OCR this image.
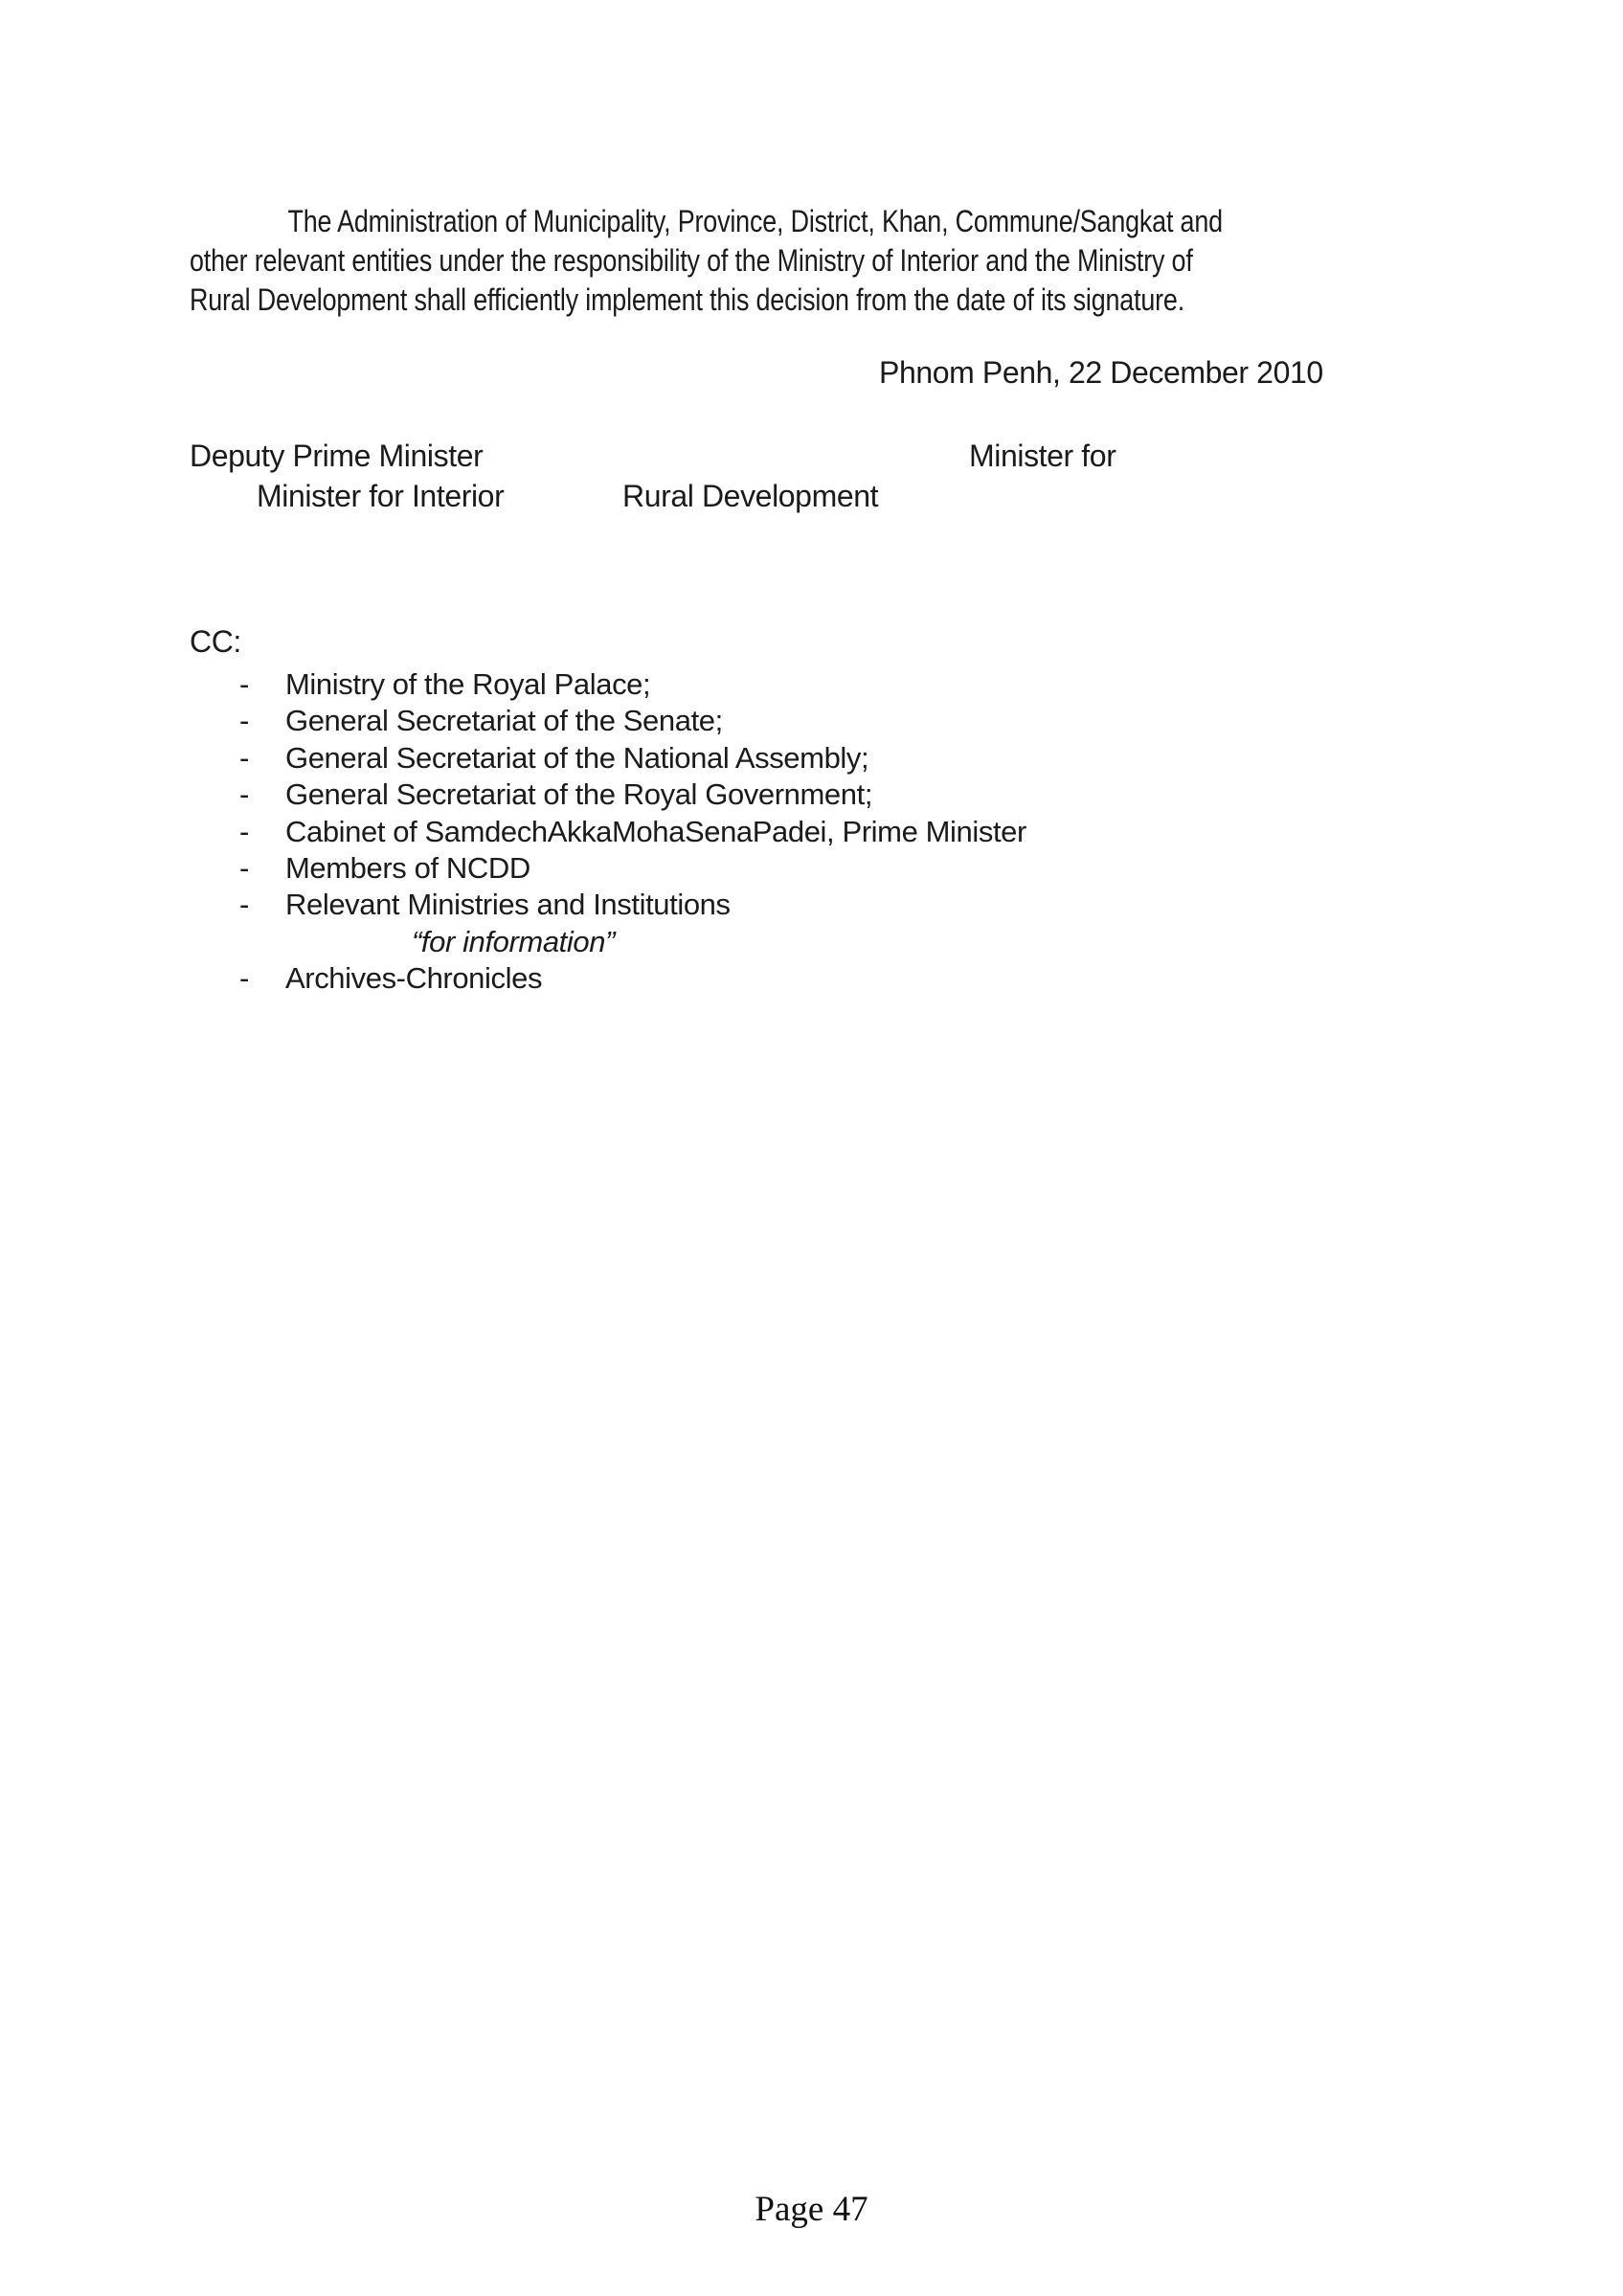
The Administration of Municipality, Province, District, Khan, Commune/Sangkat and
other relevant entities under the responsibility of the Ministry of Interior and the Ministry of
Rural Development shall efficiently implement this decision from the date of its signature.
Phnom Penh, 22 December 2010
Deputy Prime Minister	Minister for
Minister for Interior	Rural Development
CC:
- Ministry of the Royal Palace;
- General Secretariat of the Senate;
- General Secretariat of the National Assembly;
- General Secretariat of the Royal Government;
- Cabinet of SamdechAkkaMohaSenaPadei, Prime Minister
- Members of NCDD
- Relevant Ministries and Institutions
“for information”
- Archives-Chronicles
Page 47
